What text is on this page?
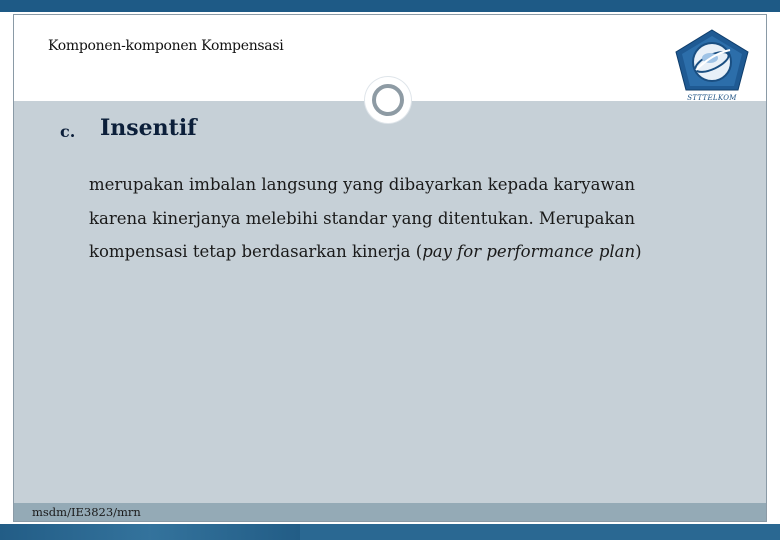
Komponen-komponen Kompensasi
STTTELKOM
c. Insentif
merupakan imbalan langsung yang dibayarkan kepada karyawan
karena kinerjanya melebihi standar yang ditentukan. Merupakan
kompensasi tetap berdasarkan kinerja (pay for performance plan)
msdm/IE3823/mrn
